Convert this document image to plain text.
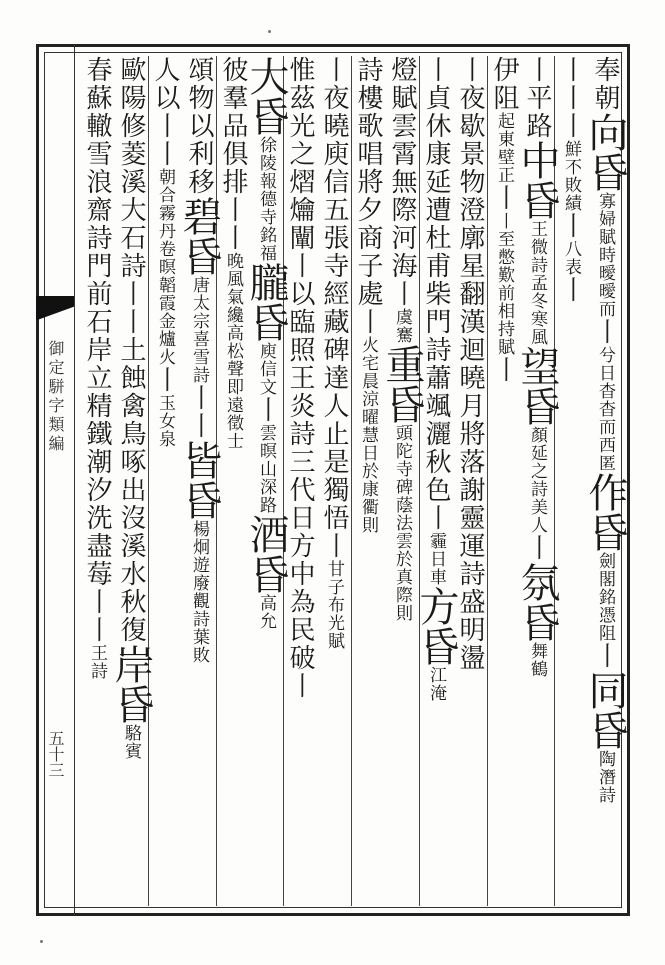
御定駢字類編
五十三
奉朝向昏寡婦賦時曖曖而丨兮日杳杳而西匿作昏劍閣銘憑阻丨同昏陶潛詩
丨丨丨鮮不敗績丨八表丨
丨平路中昏王微詩孟冬寒風望昏顏延之詩美人丨氛昏舞鶴
伊阻起東壁正丨丨至憋歎前相持賦丨
丨夜歇景物澄廓星翻漢迴曉月將落謝靈運詩盛明盪
丨貞休康延遭杜甫柴門詩蕭颯灑秋色丨霾日車方昏江淹
燈賦雲霄無際河海丨虞騫重昏頭陀寺碑蔭法雲於真際則
詩樓歌唱將夕商子處丨火宅晨涼曜慧日於康衢則
丨夜曉庾信五張寺經藏碑達人止是獨悟丨甘子布光賦
惟茲光之熠爚闡丨以臨照王炎詩三代日方中為民破丨
大昏徐陵報德寺銘福朧昏庾信文丨雲暝山深路酒昏高允
彼羣品俱排丨丨晚風氣纔高松聲即遠徵士
頌物以利移碧昏唐太宗喜雪詩丨丨皆昏楊炯遊廢觀詩葉敗
人以丨丨朝合霧丹卷暝韜霞金爐火丨玉女泉
歐陽修菱溪大石詩丨丨土蝕禽鳥啄出沒溪水秋復岸昏駱賓
春蘇轍雪浪齋詩門前石岸立精鐵潮汐洗盡莓丨丨王詩
